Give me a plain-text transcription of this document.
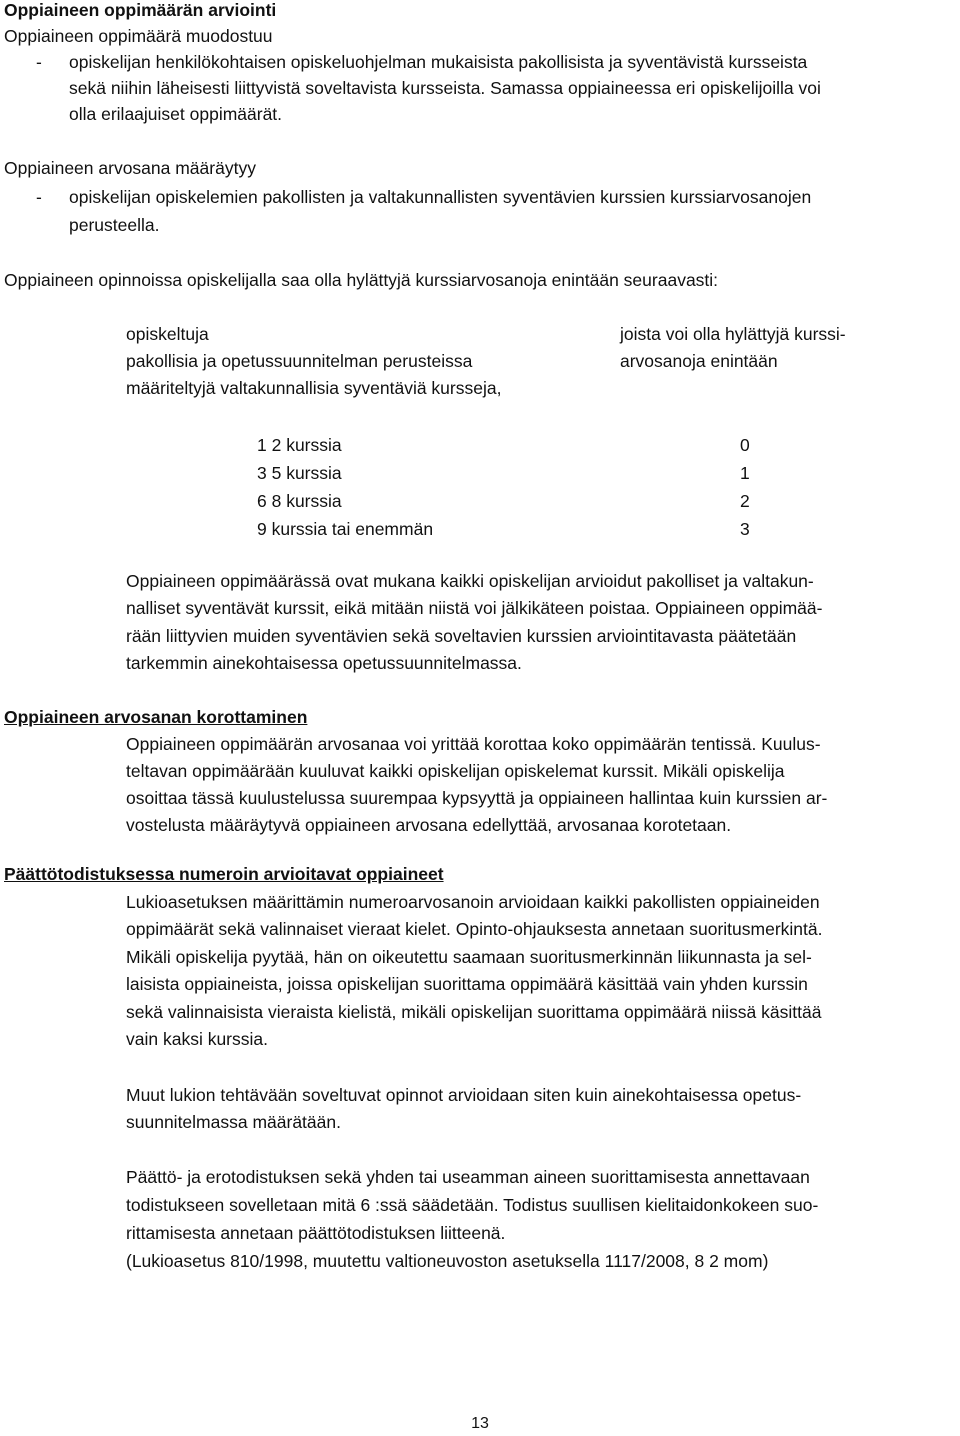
Oppiaineen oppimäärän arviointi
Oppiaineen oppimäärä muodostuu
- opiskelijan henkilökohtaisen opiskeluohjelman mukaisista pakollisista ja syventävistä kursseista
sekä niihin läheisesti liittyvistä soveltavista kursseista. Samassa oppiaineessa eri opiskelijoilla voi
olla erilaajuiset oppimäärät.
Oppiaineen arvosana määräytyy
- opiskelijan opiskelemien pakollisten ja valtakunnallisten syventävien kurssien kurssiarvosanojen
perusteella.
Oppiaineen opinnoissa opiskelijalla saa olla hylättyjä kurssiarvosanoja enintään seuraavasti:
opiskeltuja
pakollisia ja opetussuunnitelman perusteissa
määriteltyjä valtakunnallisia syventäviä kursseja,
joista voi olla hylättyjä kurssi-
arvosanoja enintään
1 2 kurssia	0
3 5 kurssia	1
6 8 kurssia	2
9 kurssia tai enemmän	3
Oppiaineen oppimäärässä ovat mukana kaikki opiskelijan arvioidut pakolliset ja valtakun-
nalliset syventävät kurssit, eikä mitään niistä voi jälkikäteen poistaa. Oppiaineen oppimää-
rään liittyvien muiden syventävien sekä soveltavien kurssien arviointitavasta päätetään
tarkemmin ainekohtaisessa opetussuunnitelmassa.
Oppiaineen arvosanan korottaminen
Oppiaineen oppimäärän arvosanaa voi yrittää korottaa koko oppimäärän tentissä. Kuulus-
teltavan oppimäärään kuuluvat kaikki opiskelijan opiskelemat kurssit. Mikäli opiskelija
osoittaa tässä kuulustelussa suurempaa kypsyyttä ja oppiaineen hallintaa kuin kurssien ar-
vostelusta määräytyvä oppiaineen arvosana edellyttää, arvosanaa korotetaan.
Päättötodistuksessa numeroin arvioitavat oppiaineet
Lukioasetuksen määrittämin numeroarvosanoin arvioidaan kaikki pakollisten oppiaineiden
oppimäärät sekä valinnaiset vieraat kielet. Opinto-ohjauksesta annetaan suoritusmerkintä.
Mikäli opiskelija pyytää, hän on oikeutettu saamaan suoritusmerkinnän liikunnasta ja sel-
laisista oppiaineista, joissa opiskelijan suorittama oppimäärä käsittää vain yhden kurssin
sekä valinnaisista vieraista kielistä, mikäli opiskelijan suorittama oppimäärä niissä käsittää
vain kaksi kurssia.
Muut lukion tehtävään soveltuvat opinnot arvioidaan siten kuin ainekohtaisessa opetus-
suunnitelmassa määrätään.
Päättö- ja erotodistuksen sekä yhden tai useamman aineen suorittamisesta annettavaan
todistukseen sovelletaan mitä 6 :ssä säädetään. Todistus suullisen kielitaidonkokeen suo-
rittamisesta annetaan päättötodistuksen liitteenä.
(Lukioasetus 810/1998, muutettu valtioneuvoston asetuksella 1117/2008, 8 2 mom)
13
